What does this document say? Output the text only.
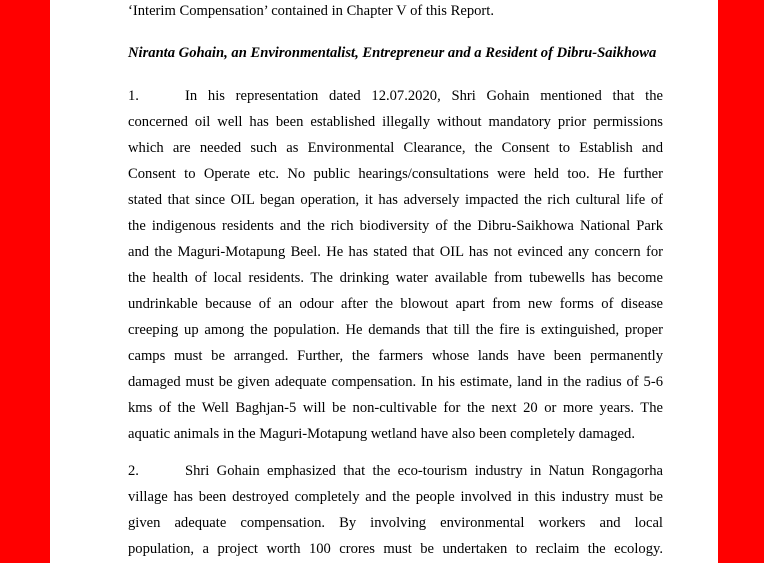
‘Interim Compensation’ contained in Chapter V of this Report.
Niranta Gohain, an Environmentalist, Entrepreneur and a Resident of Dibru-Saikhowa
1.	In his representation dated 12.07.2020, Shri Gohain mentioned that the
concerned oil well has been established illegally without mandatory prior permissions
which are needed such as Environmental Clearance, the Consent to Establish and
Consent to Operate etc. No public hearings/consultations were held too. He further
stated that since OIL began operation, it has adversely impacted the rich cultural life of
the indigenous residents and the rich biodiversity of the Dibru-Saikhowa National Park
and the Maguri-Motapung Beel. He has stated that OIL has not evinced any concern for
the health of local residents. The drinking water available from tubewells has become
undrinkable because of an odour after the blowout apart from new forms of disease
creeping up among the population. He demands that till the fire is extinguished, proper
camps must be arranged. Further, the farmers whose lands have been permanently
damaged must be given adequate compensation. In his estimate, land in the radius of 5-6
kms of the Well Baghjan-5 will be non-cultivable for the next 20 or more years. The
aquatic animals in the Maguri-Motapung wetland have also been completely damaged.
2.	Shri Gohain emphasized that the eco-tourism industry in Natun Rongagorha
village has been destroyed completely and the people involved in this industry must be
given adequate compensation. By involving environmental workers and local
population, a project worth 100 crores must be undertaken to reclaim the ecology.
